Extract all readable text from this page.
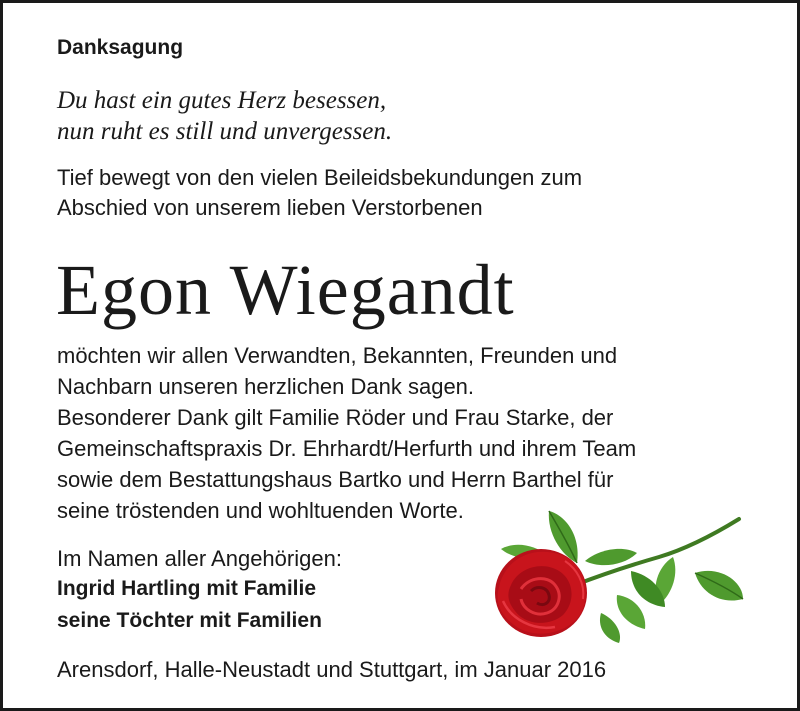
Danksagung
Du hast ein gutes Herz besessen,
nun ruht es still und unvergessen.
Tief bewegt von den vielen Beileidsbekundungen zum
Abschied von unserem lieben Verstorbenen
Egon Wiegandt
möchten wir allen Verwandten, Bekannten, Freunden und
Nachbarn unseren herzlichen Dank sagen.
Besonderer Dank gilt Familie Röder und Frau Starke, der
Gemeinschaftspraxis Dr. Ehrhardt/Herfurth und ihrem Team
sowie dem Bestattungshaus Bartko und Herrn Barthel für
seine tröstenden und wohltuenden Worte.
Im Namen aller Angehörigen:
Ingrid Hartling mit Familie
seine Töchter mit Familien
Arensdorf, Halle-Neustadt und Stuttgart, im Januar 2016
